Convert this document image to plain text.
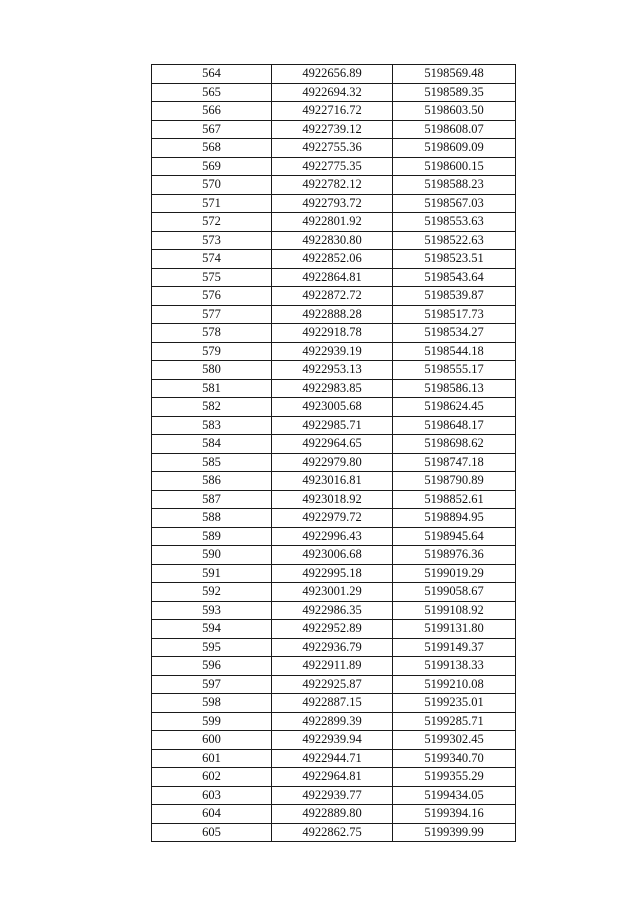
564	4922656.89	5198569.48
565	4922694.32	5198589.35
566	4922716.72	5198603.50
567	4922739.12	5198608.07
568	4922755.36	5198609.09
569	4922775.35	5198600.15
570	4922782.12	5198588.23
571	4922793.72	5198567.03
572	4922801.92	5198553.63
573	4922830.80	5198522.63
574	4922852.06	5198523.51
575	4922864.81	5198543.64
576	4922872.72	5198539.87
577	4922888.28	5198517.73
578	4922918.78	5198534.27
579	4922939.19	5198544.18
580	4922953.13	5198555.17
581	4922983.85	5198586.13
582	4923005.68	5198624.45
583	4922985.71	5198648.17
584	4922964.65	5198698.62
585	4922979.80	5198747.18
586	4923016.81	5198790.89
587	4923018.92	5198852.61
588	4922979.72	5198894.95
589	4922996.43	5198945.64
590	4923006.68	5198976.36
591	4922995.18	5199019.29
592	4923001.29	5199058.67
593	4922986.35	5199108.92
594	4922952.89	5199131.80
595	4922936.79	5199149.37
596	4922911.89	5199138.33
597	4922925.87	5199210.08
598	4922887.15	5199235.01
599	4922899.39	5199285.71
600	4922939.94	5199302.45
601	4922944.71	5199340.70
602	4922964.81	5199355.29
603	4922939.77	5199434.05
604	4922889.80	5199394.16
605	4922862.75	5199399.99
